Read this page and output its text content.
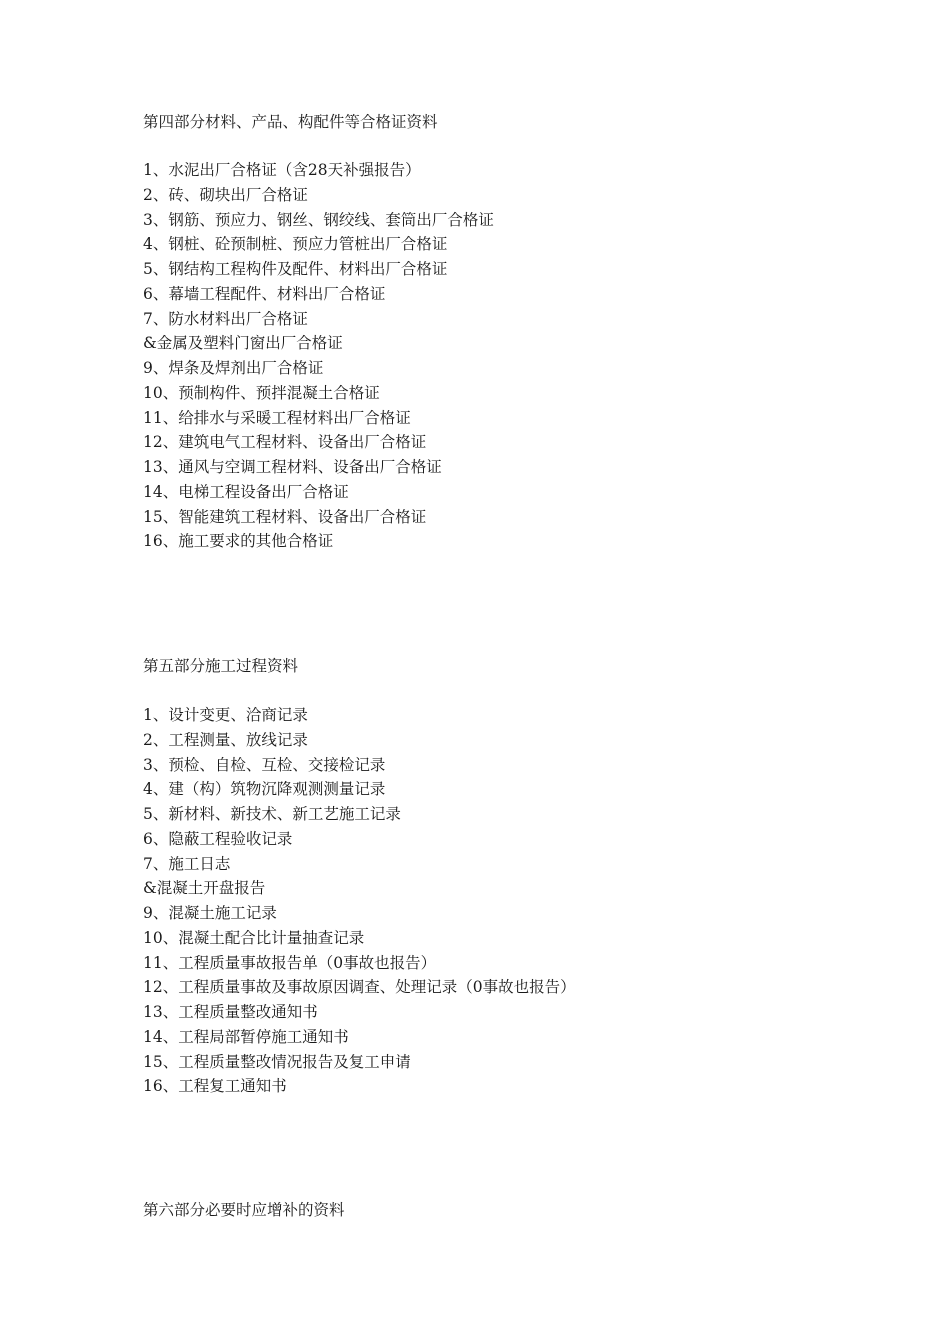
第四部分材料、产品、构配件等合格证资料
1、水泥出厂合格证（含28天补强报告）
2、砖、砌块出厂合格证
3、钢筋、预应力、钢丝、钢绞线、套筒出厂合格证
4、钢桩、砼预制桩、预应力管桩出厂合格证
5、钢结构工程构件及配件、材料出厂合格证
6、幕墙工程配件、材料出厂合格证
7、防水材料出厂合格证
&金属及塑料门窗出厂合格证
9、焊条及焊剂出厂合格证
10、预制构件、预拌混凝土合格证
11、给排水与采暖工程材料出厂合格证
12、建筑电气工程材料、设备出厂合格证
13、通风与空调工程材料、设备出厂合格证
14、电梯工程设备出厂合格证
15、智能建筑工程材料、设备出厂合格证
16、施工要求的其他合格证
第五部分施工过程资料
1、设计变更、洽商记录
2、工程测量、放线记录
3、预检、自检、互检、交接检记录
4、建（构）筑物沉降观测测量记录
5、新材料、新技术、新工艺施工记录
6、隐蔽工程验收记录
7、施工日志
&混凝土开盘报告
9、混凝土施工记录
10、混凝土配合比计量抽查记录
11、工程质量事故报告单（0事故也报告）
12、工程质量事故及事故原因调查、处理记录（0事故也报告）
13、工程质量整改通知书
14、工程局部暂停施工通知书
15、工程质量整改情况报告及复工申请
16、工程复工通知书
第六部分必要时应增补的资料
